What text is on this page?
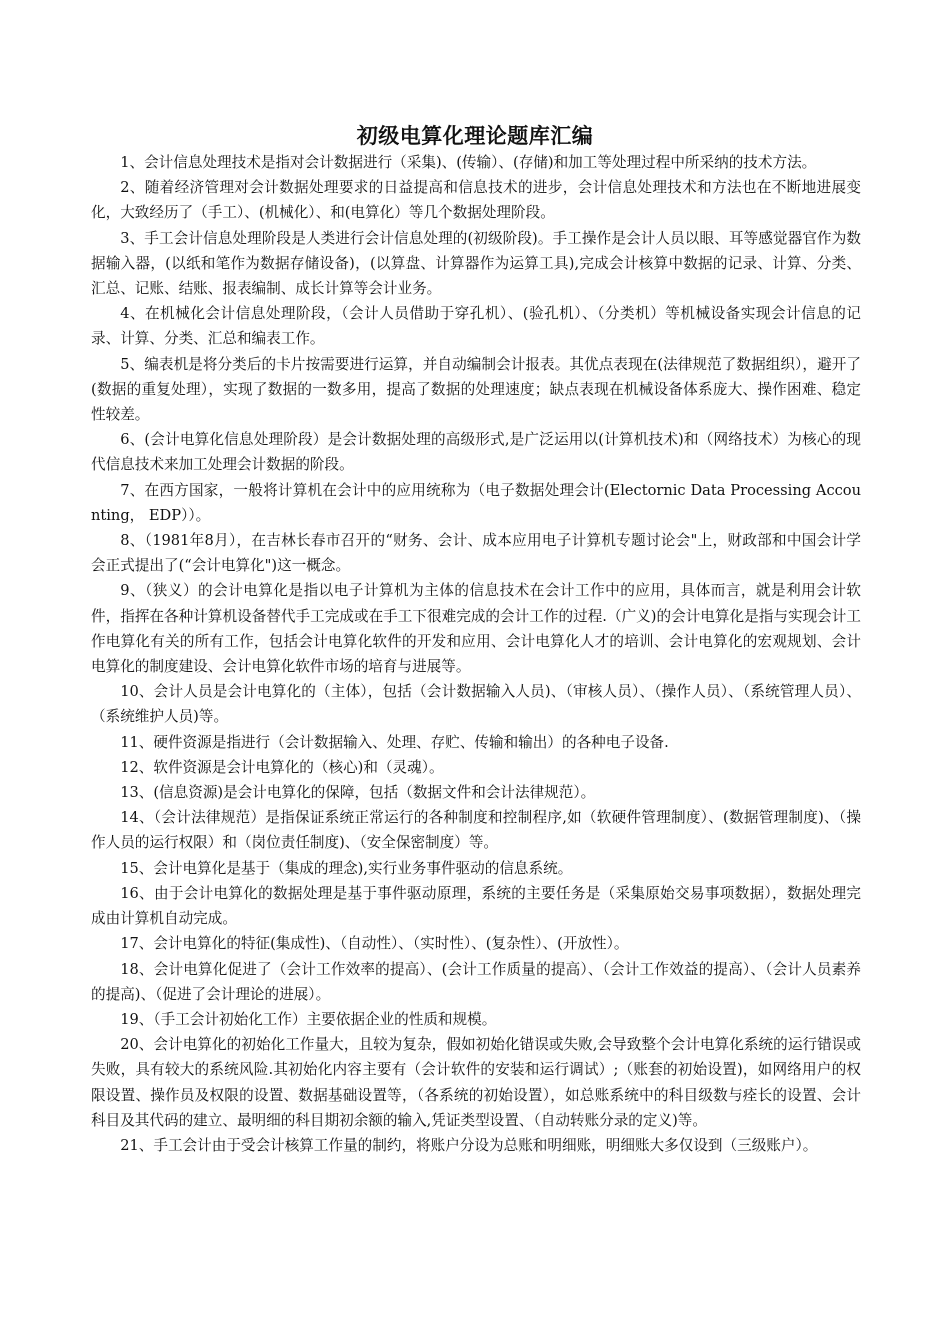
初级电算化理论题库汇编

1、会计信息处理技术是指对会计数据进行（采集)、(传输）、(存储)和加工等处理过程中所采纳的技术方法。

2、随着经济管理对会计数据处理要求的日益提高和信息技术的进步，会计信息处理技术和方法也在不断地进展变化，大致经历了（手工）、(机械化）、和(电算化）等几个数据处理阶段。

3、手工会计信息处理阶段是人类进行会计信息处理的(初级阶段)。手工操作是会计人员以眼、耳等感觉器官作为数据输入器，(以纸和笔作为数据存储设备)，(以算盘、计算器作为运算工具),完成会计核算中数据的记录、计算、分类、汇总、记账、结账、报表编制、成长计算等会计业务。

4、在机械化会计信息处理阶段，（会计人员借助于穿孔机）、(验孔机）、（分类机）等机械设备实现会计信息的记录、计算、分类、汇总和编表工作。

5、编表机是将分类后的卡片按需要进行运算，并自动编制会计报表。其优点表现在(法律规范了数据组织），避开了(数据的重复处理），实现了数据的一数多用，提高了数据的处理速度；缺点表现在机械设备体系庞大、操作困难、稳定性较差。

6、(会计电算化信息处理阶段）是会计数据处理的高级形式,是广泛运用以(计算机技术)和（网络技术）为核心的现代信息技术来加工处理会计数据的阶段。

7、在西方国家，一般将计算机在会计中的应用统称为（电子数据处理会计(Electornic Data Processing Accounting， EDP））。

8、（1981年8月），在吉林长春市召开的“财务、会计、成本应用电子计算机专题讨论会"上，财政部和中国会计学会正式提出了(“会计电算化")这一概念。

9、（狭义）的会计电算化是指以电子计算机为主体的信息技术在会计工作中的应用，具体而言，就是利用会计软件，指挥在各种计算机设备替代手工完成或在手工下很难完成的会计工作的过程.（广义)的会计电算化是指与实现会计工作电算化有关的所有工作，包括会计电算化软件的开发和应用、会计电算化人才的培训、会计电算化的宏观规划、会计电算化的制度建设、会计电算化软件市场的培育与进展等。

10、会计人员是会计电算化的（主体），包括（会计数据输入人员)、（审核人员）、（操作人员）、（系统管理人员）、（系统维护人员)等。

11、硬件资源是指进行（会计数据输入、处理、存贮、传输和输出）的各种电子设备.

12、软件资源是会计电算化的（核心)和（灵魂）。

13、(信息资源)是会计电算化的保障，包括（数据文件和会计法律规范）。

14、（会计法律规范）是指保证系统正常运行的各种制度和控制程序,如（软硬件管理制度）、(数据管理制度)、（操作人员的运行权限）和（岗位责任制度)、（安全保密制度）等。

15、会计电算化是基于（集成的理念),实行业务事件驱动的信息系统。

16、由于会计电算化的数据处理是基于事件驱动原理，系统的主要任务是（采集原始交易事项数据），数据处理完成由计算机自动完成。

17、会计电算化的特征(集成性)、（自动性）、（实时性）、(复杂性）、(开放性）。

18、会计电算化促进了（会计工作效率的提高）、(会计工作质量的提高）、（会计工作效益的提高）、（会计人员素养的提高)、（促进了会计理论的进展）。

19、（手工会计初始化工作）主要依据企业的性质和规模。

20、会计电算化的初始化工作量大，且较为复杂，假如初始化错误或失败,会导致整个会计电算化系统的运行错误或失败，具有较大的系统风险.其初始化内容主要有（会计软件的安装和运行调试）;（账套的初始设置)，如网络用户的权限设置、操作员及权限的设置、数据基础设置等，（各系统的初始设置），如总账系统中的科目级数与痊长的设置、会计科目及其代码的建立、最明细的科目期初余额的输入,凭证类型设置、（自动转账分录的定义)等。

21、手工会计由于受会计核算工作量的制约，将账户分设为总账和明细账，明细账大多仅设到（三级账户）。
